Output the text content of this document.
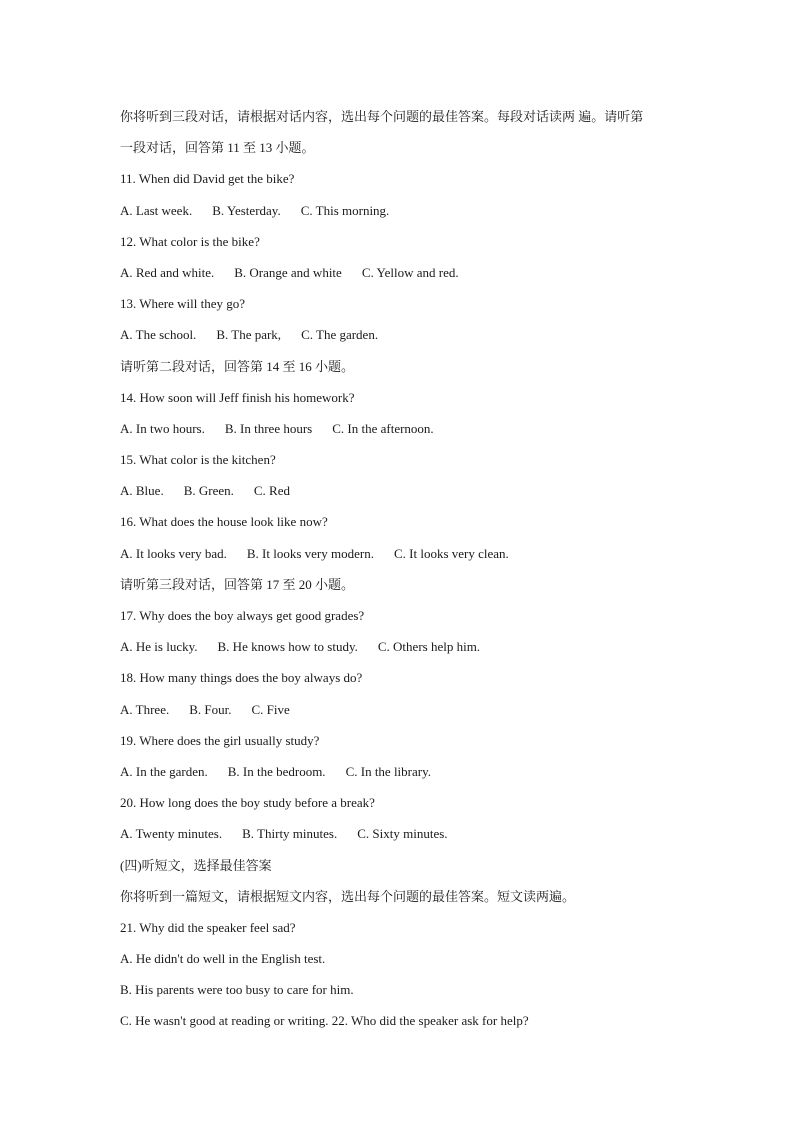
你将听到三段对话，请根据对话内容，选出每个问题的最佳答案。每段对话读两 遍。请听第
一段对话，回答第 11 至 13 小题。
11. When did David get the bike?
A. Last week. B. Yesterday. C. This morning.
12. What color is the bike?
A. Red and white. B. Orange and white C. Yellow and red.
13. Where will they go?
A. The school. B. The park, C. The garden.
请听第二段对话，回答第 14 至 16 小题。
14. How soon will Jeff finish his homework?
A. In two hours. B. In three hours C. In the afternoon.
15. What color is the kitchen?
A. Blue. B. Green. C. Red
16. What does the house look like now?
A. It looks very bad. B. It looks very modern. C. It looks very clean.
请听第三段对话，回答第 17 至 20 小题。
17. Why does the boy always get good grades?
A. He is lucky. B. He knows how to study. C. Others help him.
18. How many things does the boy always do?
A. Three. B. Four. C. Five
19. Where does the girl usually study?
A. In the garden. B. In the bedroom. C. In the library.
20. How long does the boy study before a break?
A. Twenty minutes. B. Thirty minutes. C. Sixty minutes.
(四)听短文，选择最佳答案
你将听到一篇短文，请根据短文内容，选出每个问题的最佳答案。短文读两遍。
21. Why did the speaker feel sad?
A. He didn't do well in the English test.
B. His parents were too busy to care for him.
C. He wasn't good at reading or writing. 22. Who did the speaker ask for help?
